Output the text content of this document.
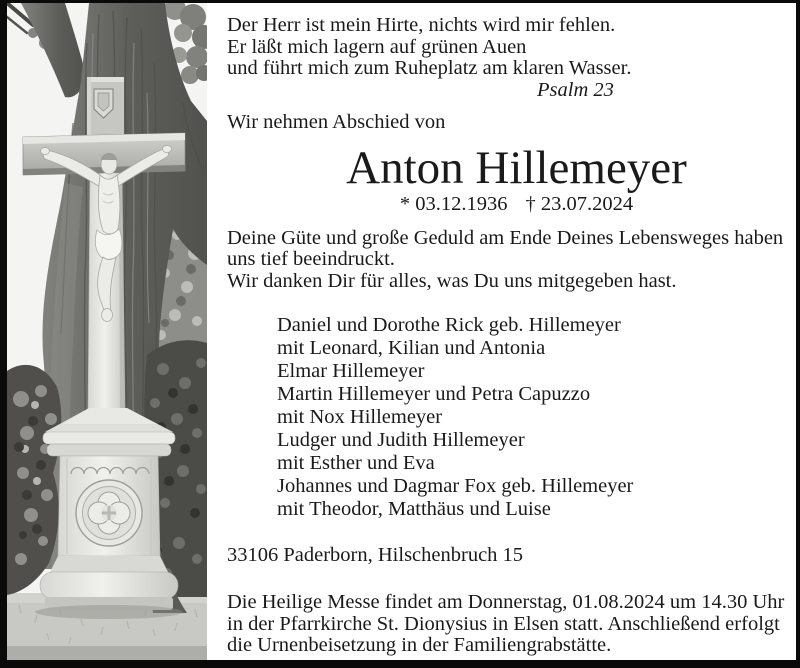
Der Herr ist mein Hirte, nichts wird mir fehlen.
Er läßt mich lagern auf grünen Auen
und führt mich zum Ruheplatz am klaren Wasser.
Psalm 23
Wir nehmen Abschied von
Anton Hillemeyer
* 03.12.1936 † 23.07.2024
Deine Güte und große Geduld am Ende Deines Lebensweges haben
uns tief beeindruckt.
Wir danken Dir für alles, was Du uns mitgegeben hast.
Daniel und Dorothe Rick geb. Hillemeyer
mit Leonard, Kilian und Antonia
Elmar Hillemeyer
Martin Hillemeyer und Petra Capuzzo
mit Nox Hillemeyer
Ludger und Judith Hillemeyer
mit Esther und Eva
Johannes und Dagmar Fox geb. Hillemeyer
mit Theodor, Matthäus und Luise
33106 Paderborn, Hilschenbruch 15
Die Heilige Messe findet am Donnerstag, 01.08.2024 um 14.30 Uhr
in der Pfarrkirche St. Dionysius in Elsen statt. Anschließend erfolgt
die Urnenbeisetzung in der Familiengrabstätte.
